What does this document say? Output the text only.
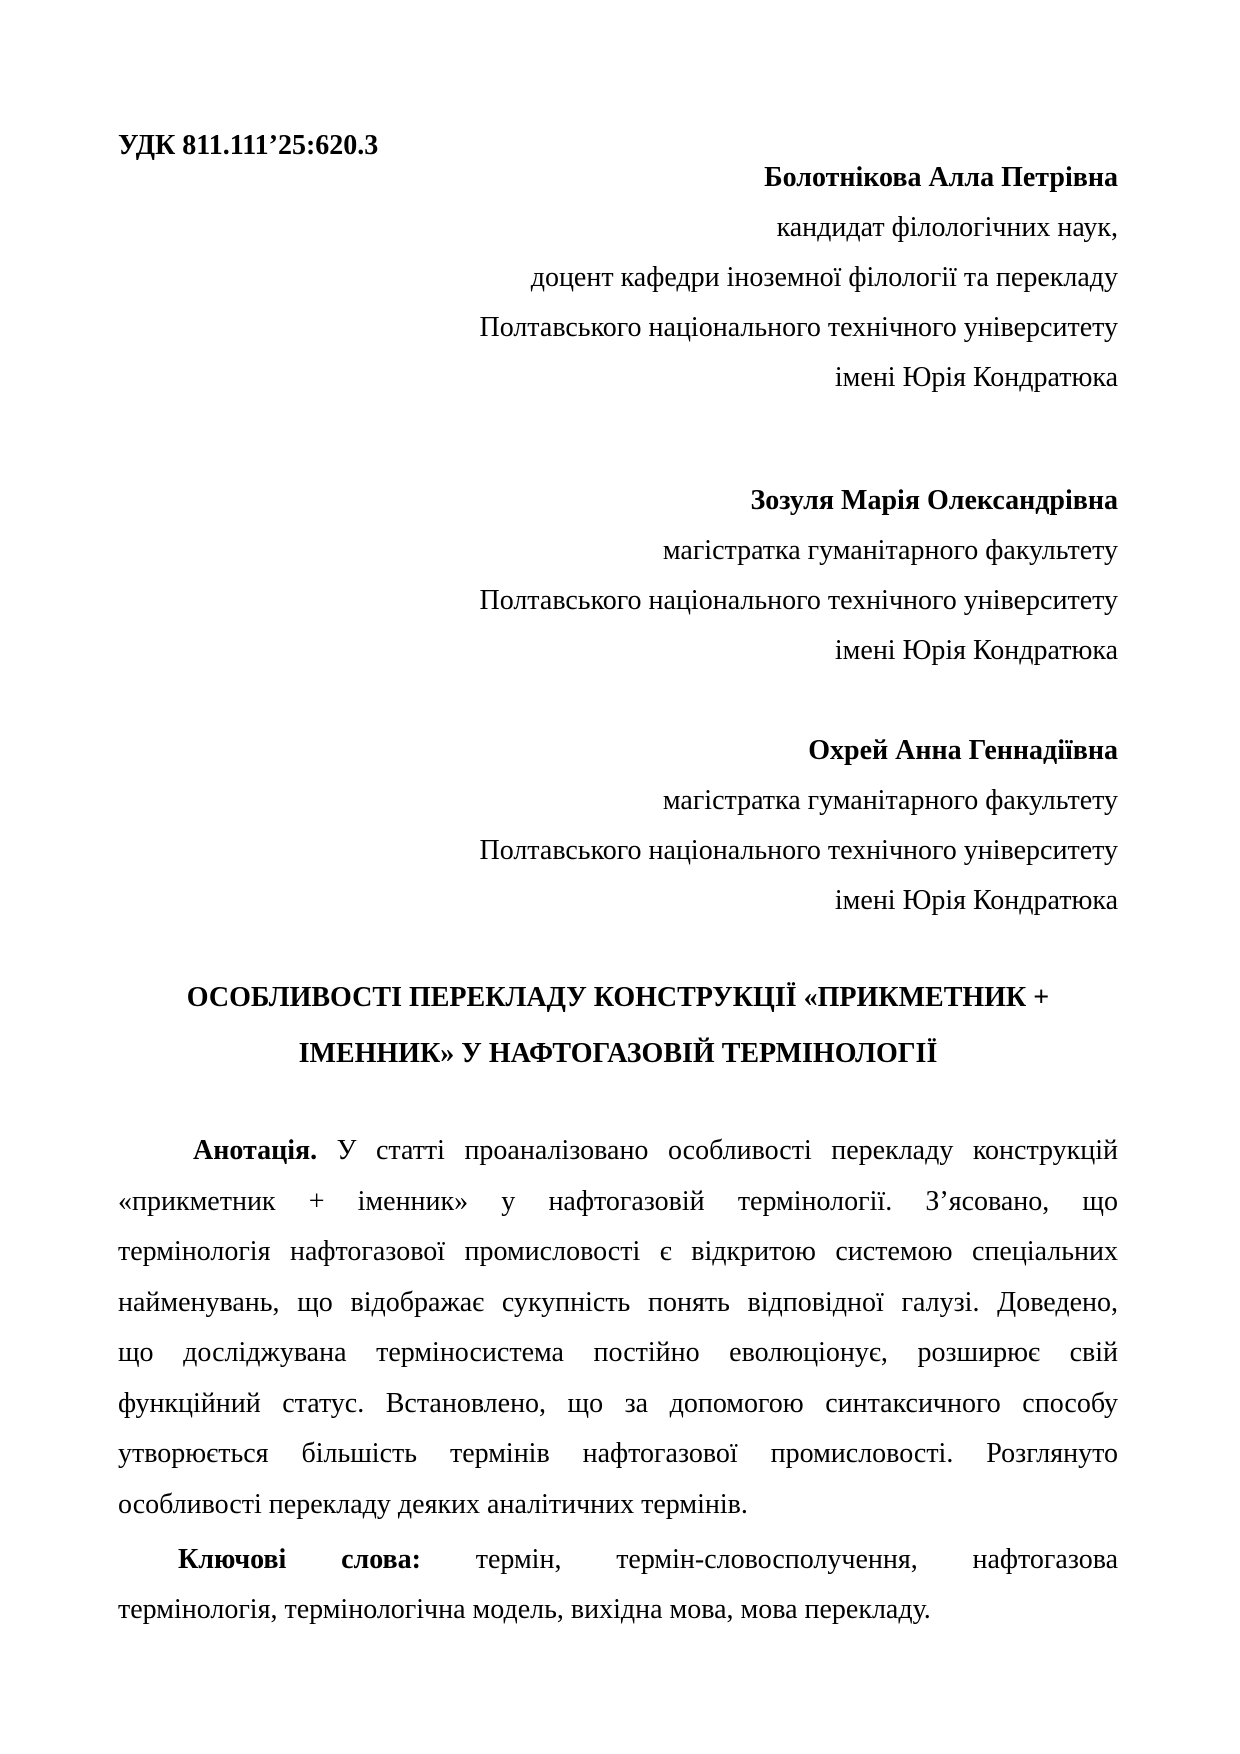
УДК 811.111’25:620.3
Болотнікова Алла Петрівна
кандидат філологічних наук,
доцент кафедри іноземної філології та перекладу
Полтавського національного технічного університету
імені Юрія Кондратюка
Зозуля Марія Олександрівна
магістратка гуманітарного факультету
Полтавського національного технічного університету
імені Юрія Кондратюка
Охрей Анна Геннадіївна
магістратка гуманітарного факультету
Полтавського національного технічного університету
імені Юрія Кондратюка
ОСОБЛИВОСТІ ПЕРЕКЛАДУ КОНСТРУКЦІЇ «ПРИКМЕТНИК +
ІМЕННИК» У НАФТОГАЗОВІЙ ТЕРМІНОЛОГІЇ
Анотація. У статті проаналізовано особливості перекладу конструкцій
«прикметник + іменник» у нафтогазовій термінології. З’ясовано, що
термінологія нафтогазової промисловості є відкритою системою спеціальних
найменувань, що відображає сукупність понять відповідної галузі. Доведено,
що досліджувана терміносистема постійно еволюціонує, розширює свій
функційний статус. Встановлено, що за допомогою синтаксичного способу
утворюється більшість термінів нафтогазової промисловості. Розглянуто
особливості перекладу деяких аналітичних термінів.
Ключові слова: термін, термін-словосполучення, нафтогазова
термінологія, термінологічна модель, вихідна мова, мова перекладу.
